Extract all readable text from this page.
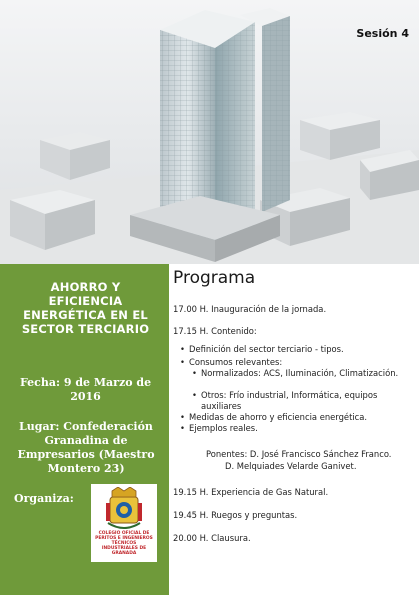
Sesión 4
AHORRO Y EFICIENCIA ENERGÉTICA EN EL SECTOR TERCIARIO
Fecha: 9 de Marzo de 2016
Lugar: Confederación Granadina de Empresarios (Maestro Montero 23)
Organiza:
COLEGIO OFICIAL DE PERITOS E INGENIEROS TÉCNICOS INDUSTRIALES DE GRANADA
Programa
17.00 H. Inauguración de la jornada.
17.15 H. Contenido:
• Definición del sector terciario - tipos.
• Consumos relevantes:
• Normalizados: ACS, Iluminación, Climatización.
• Otros: Frío industrial, Informática, equipos auxiliares
• Medidas de ahorro y eficiencia energética.
• Ejemplos reales.
Ponentes: D. José Francisco Sánchez Franco.
D. Melquiades Velarde Ganivet.
19.15 H. Experiencia de Gas Natural.
19.45 H. Ruegos y preguntas.
20.00 H. Clausura.
